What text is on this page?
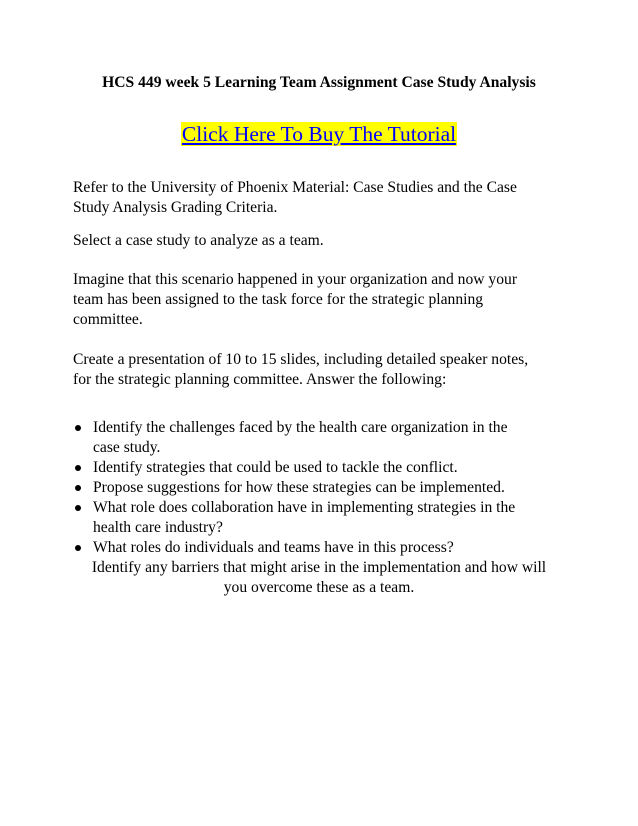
HCS 449 week 5 Learning Team Assignment Case Study Analysis
Click Here To Buy The Tutorial
Refer to the University of Phoenix Material: Case Studies and the Case
Study Analysis Grading Criteria.
Select a case study to analyze as a team.
Imagine that this scenario happened in your organization and now your
team has been assigned to the task force for the strategic planning
committee.
Create a presentation of 10 to 15 slides, including detailed speaker notes,
for the strategic planning committee. Answer the following:
Identify the challenges faced by the health care organization in the
case study.
Identify strategies that could be used to tackle the conflict.
Propose suggestions for how these strategies can be implemented.
What role does collaboration have in implementing strategies in the
health care industry?
What roles do individuals and teams have in this process?
Identify any barriers that might arise in the implementation and how will
you overcome these as a team.
